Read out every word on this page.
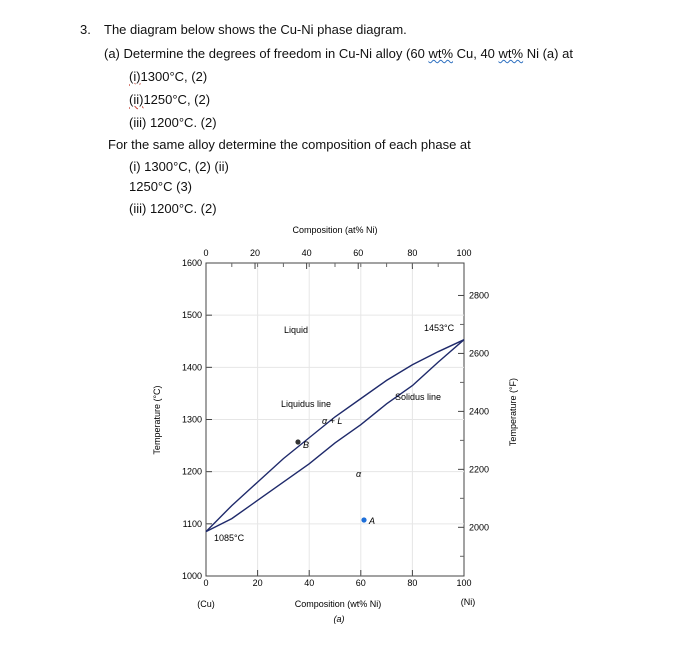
3. The diagram below shows the Cu-Ni phase diagram.
(a) Determine the degrees of freedom in Cu-Ni alloy (60 wt% Cu, 40 wt% Ni (a) at
(i)1300°C, (2)
(ii)1250°C, (2)
(iii) 1200°C. (2)
For the same alloy determine the composition of each phase at
(i) 1300°C, (2) (ii)
1250°C (3)
(iii) 1200°C. (2)
0	20	40	60	80	100
0	20	40	60	80	100
1000
1100
1200
1300
1400
1500
1600
2000
2200
2400
2600
2800
Composition (at% Ni)
Composition (wt% Ni)
(a)
(Cu)	(Ni)
Temperature (°C)	Temperature (°F)
Liquid
Liquidus line
Solidus line
α + L
α
1453°C
1085°C
B
A
